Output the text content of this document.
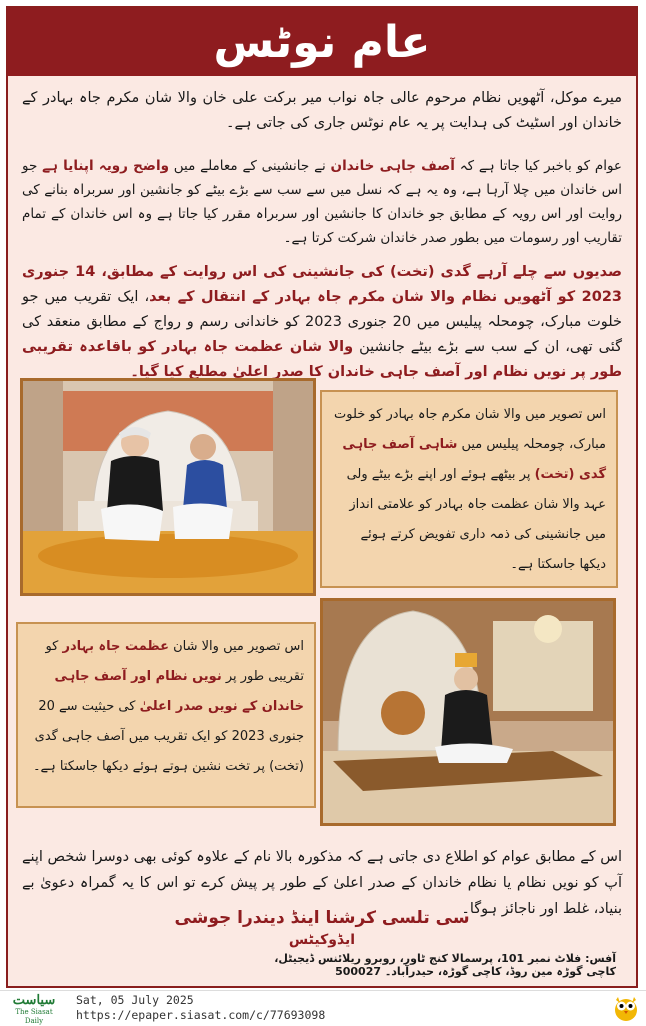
عام نوٹس
میرے موکل، آٹھویں نظام مرحوم عالی جاہ نواب میر برکت علی خان والا شان مکرم جاہ بہادر کے خاندان اور اسٹیٹ کی ہدایت پر یہ عام نوٹس جاری کی جاتی ہے۔
عوام کو باخبر کیا جاتا ہے کہ آصف جاہی خاندان نے جانشینی کے معاملے میں واضح رویہ اپنایا ہے جو اس خاندان میں چلا آرہا ہے، وہ یہ ہے کہ نسل میں سے سب سے بڑے بیٹے کو جانشین اور سربراہ بنانے کی روایت اور اس رویہ کے مطابق جو خاندان کا جانشین اور سربراہ مقرر کیا جاتا ہے وہ اس خاندان کے تمام تقاریب اور رسومات میں بطور صدر خاندان شرکت کرتا ہے۔
صدیوں سے چلے آرہے گدی (تخت) کی جانشینی کی اس روایت کے مطابق، 14 جنوری 2023 کو آٹھویں نظام والا شان مکرم جاہ بہادر کے انتقال کے بعد، ایک تقریب میں جو خلوت مبارک، چومحلہ پیلیس میں 20 جنوری 2023 کو خاندانی رسم و رواج کے مطابق منعقد کی گئی تھی، ان کے سب سے بڑے بیٹے جانشین والا شان عظمت جاہ بہادر کو باقاعدہ تقریبی طور پر نویں نظام اور آصف جاہی خاندان کا صدر اعلیٰ مطلع کیا گیا۔
اس کے مطابق عوام کو اطلاع دی جاتی ہے کہ مذکورہ بالا نام کے علاوہ کوئی بھی دوسرا شخص اپنے آپ کو نویں نظام یا نظام خاندان کے صدر اعلیٰ کے طور پر پیش کرے تو اس کا یہ گمراہ دعویٰ بے بنیاد، غلط اور ناجائز ہوگا۔
سی تلسی کرشنا اینڈ دیندرا جوشی
ایڈوکیٹس
آفس: فلاٹ نمبر 101، پرسمالا کنج ٹاور، روبرو ریلائنس ڈیجیٹل،
کاچی گوڑہ مین روڈ، کاچی گوڑہ، حیدرآباد۔ 500027
اس تصویر میں والا شان مکرم جاہ بہادر کو خلوت مبارک، چومحلہ پیلیس میں شاہی آصف جاہی گدی (تخت) پر بیٹھے ہوئے اور اپنے بڑے بیٹے ولی عہد والا شان عظمت جاہ بہادر کو علامتی انداز میں جانشینی کی ذمہ داری تفویض کرتے ہوئے دیکھا جاسکتا ہے۔
اس تصویر میں والا شان عظمت جاہ بہادر کو تقریبی طور پر نویں نظام اور آصف جاہی خاندان کے نویں صدر اعلیٰ کی حیثیت سے 20 جنوری 2023 کو ایک تقریب میں آصف جاہی گدی (تخت) پر تخت نشین ہوتے ہوئے دیکھا جاسکتا ہے۔
سیاست
The Siasat Daily
Sat, 05 July 2025
https://epaper.siasat.com/c/77693098
